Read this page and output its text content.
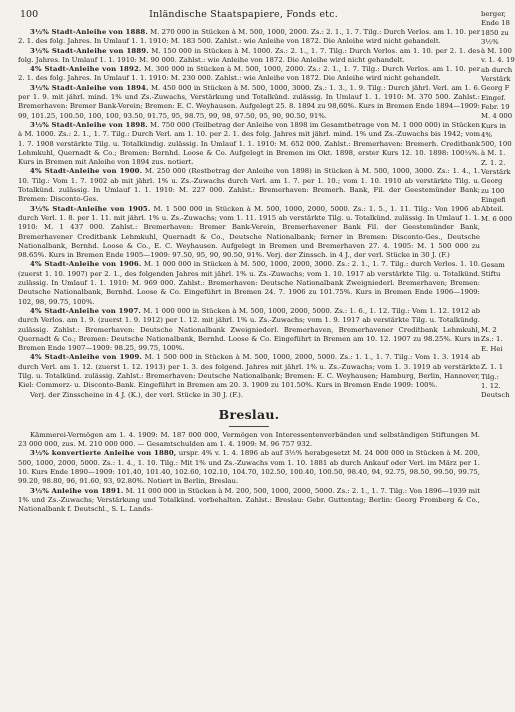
100	Inländische Staatspapiere, Fonds etc.

3½% Stadt-Anleihe von 1888. M. 270 000 in Stücken à M. 500, 1000, 2000. Zs.: 2. 1., 1. 7. Tilg.: Durch Verlos. am 1. 10. per 2. 1. des folg. Jahres. In Umlauf 1. 1. 1910: M. 183 500. Zahlst.: wie Anleihe von 1872. Die Anleihe wird nicht gehandelt.

3½% Stadt-Anleihe von 1889. M. 150 000 in Stücken à M. 1000. Zs.: 2. 1., 1. 7. Tilg.: Durch Verlos. am 1. 10. per 2. 1. des folg. Jahres. In Umlauf 1. 1. 1910: M. 90 000. Zahlst.: wie Anleihe von 1872. Die Anleihe wird nicht gehandelt.

4% Stadt-Anleihe von 1892. M. 300 000 in Stücken à M. 500, 1000, 2000. Zs.: 2. 1., 1. 7. Tilg.: Durch Verlos. am 1. 10. per 2. 1. des folg. Jahres. In Umlauf 1. 1. 1910: M. 230 000. Zahlst.: wie Anleihe von 1872. Die Anleihe wird nicht gehandelt.

3½% Stadt-Anleihe von 1894. M. 450 000 in Stücken à M. 500, 1000, 3000. Zs.: 1. 3., 1. 9. Tilg.: Durch jährl. Verl. am 1. 6. per 1. 9. mit jährl. mind. 1% und Zs.-Zuwachs, Verstärkung und Totalkünd. zulässig. In Umlauf 1. 1. 1910: M. 370 500. Zahlst.: Bremerhaven: Bremer Bank-Verein; Bremen: E. C. Weyhausen. Aufgelegt 25. 8. 1894 zu 98,60%. Kurs in Bremen Ende 1894—1909: 99, 101.25, 100.50, 100, 100, 93.50, 91.75, 95, 98.75, 99, 98, 97.50, 95, 90, 90.50, 91%.

3½% Stadt-Anleihe von 1898. M. 750 000 (Teilbetrag der Anleihe von 1898 im Gesamtbetrage von M. 1 000 000) in Stücken à M. 1000. Zs.: 2. 1., 1. 7. Tilg.: Durch Verl. am 1. 10. per 2. 1. des folg. Jahres mit jährl. mind. 1% und Zs.-Zuwachs bis 1942; vom 1. 7. 1908 verstärkte Tilg. u. Totalkündig. zulässig. In Umlauf 1. 1. 1910: M. 652 000. Zahlst.: Bremerhaven: Bremerh. Creditbank Lehmkuhl, Quernadt & Co.; Bremen: Bernhd. Loose & Co. Aufgelegt in Bremen im Okt. 1898, erster Kurs 12. 10. 1898: 100¼%. Kurs in Bremen mit Anleihe von 1894 zus. notiert.

4% Stadt-Anleihe von 1900. M. 250 000 (Restbetrag der Anleihe von 1898) in Stücken à M. 500, 1000, 3000. Zs.: 1. 4., 1. 10. Tilg.: Vom 1. 7. 1902 ab mit jährl. 1% u. Zs.-Zuwachs durch Verl. am 1. 7. per 1. 10.; vom 1. 10. 1910 ab verstärkte Tilg. u. Totalkünd. zulässig. In Umlauf 1. 1. 1910: M. 227 000. Zahlst.: Bremerhaven: Bremerh. Bank, Fil. der Geestemünder Bank; Bremen: Disconto-Ges.

3½% Stadt-Anleihe von 1905. M. 1 500 000 in Stücken à M. 500, 1000, 2000, 5000. Zs.: 1. 5., 1. 11. Tilg.: Von 1906 ab durch Verl. 1. 8. per 1. 11. mit jährl. 1% u. Zs.-Zuwachs; vom 1. 11. 1915 ab verstärkte Tilg. u. Totalkünd. zulässig. In Umlauf 1. 1. 1910: M. 1 437 000. Zahlst.: Bremerhaven: Bremer Bank-Verein, Bremerhavener Bank Fil. der Geestemünder Bank, Bremerhavener Creditbank Lehmkuhl, Quernadt & Co., Deutsche Nationalbank; ferner in Bremen: Disconto-Ges., Deutsche Nationalbank, Bernhd. Loose & Co., E. C. Weyhausen. Aufgelegt in Bremen und Bremerhaven 27. 4. 1905: M. 1 500 000 zu 98.65%. Kurs in Bremen Ende 1905—1909: 97.50, 95, 90, 90.50, 91%. Verj. der Zinssch. in 4 J., der verl. Stücke in 30 J. (F.)

4% Stadt-Anleihe von 1906. M. 1 000 000 in Stücken à M. 500, 1000, 2000, 3000. Zs.: 2. 1., 1. 7. Tilg.: durch Verlos. 1. 10. (zuerst 1. 10. 1907) per 2. 1., des folgenden Jahres mit jährl. 1% u. Zs.-Zuwachs; vom 1. 10. 1917 ab verstärkte Tilg. u. Totalkünd. zulässig. In Umlauf 1. 1. 1910: M. 969 000. Zahlst.: Bremerhaven: Deutsche Nationalbank Zweigniederl. Bremerhaven; Bremen: Deutsche Nationalbank, Bernhd. Loose & Co. Eingeführt in Bremen 24. 7. 1906 zu 101.75%. Kurs in Bremen Ende 1906—1909: 102, 98, 99.75, 100%.

4% Stadt-Anleihe von 1907. M. 1 000 000 in Stücken à M. 500, 1000, 2000, 5000. Zs.: 1. 6., 1. 12. Tilg.: Vom 1. 12. 1912 ab durch Verlos. am 1. 9. (zuerst 1. 9. 1912) per 1. 12. mit jährl. 1% u. Zs.-Zuwachs; vom 1. 9. 1917 ab verstärkte Tilg. u. Totalkündg. zulässig. Zahlst.: Bremerhaven: Deutsche Nationalbank Zweigniederl. Bremerhaven, Bremerhavener Creditbank Lehmkuhl, Quernadt & Co.; Bremen: Deutsche Nationalbank, Bernhd. Loose & Co. Eingeführt in Bremen am 10. 12. 1907 zu 98.25%. Kurs in Bremen Ende 1907—1909: 98.25, 99.75, 100%.

4% Stadt-Anleihe von 1909. M. 1 500 000 in Stücken à M. 500, 1000, 2000, 5000. Zs.: 1. 1., 1. 7. Tilg.: Vom 1. 3. 1914 ab durch Verl. am 1. 12. (zuerst 1. 12. 1913) per 1. 3. des folgend. Jahres mit jährl. 1% u. Zs.-Zuwachs; vom 1. 3. 1919 ab verstärkte Tilg. u. Totalkünd. zulässig. Zahlst.: Bremerhaven: Deutsche Nationalbank; Bremen: E. C. Weyhausen; Hamburg, Berlin, Hannover, Kiel: Commerz- u. Disconto-Bank. Eingeführt in Bremen am 20. 3. 1909 zu 101.50%. Kurs in Bremen Ende 1909: 100%.

Verj. der Zinsscheine in 4 J. (K.), der verl. Stücke in 30 J. (F.).

Breslau.

Kämmerei-Vermögen am 1. 4. 1909: M. 187 000 000, Vermögen von Interessentenverbänden und selbständigen Stiftungen M. 23 000 000, zus. M. 210 000 000. — Gesamtschulden am 1. 4. 1909: M. 96 757 932.

3½% konvertierte Anleihe von 1880, urspr. 4% v. 1. 4. 1896 ab auf 3½% herabgesetzt M. 24 000 000 in Stücken à M. 200, 500, 1000, 2000, 5000. Zs.: 1. 4., 1. 10. Tilg.: Mit 1% und Zs.-Zuwachs vom 1. 10. 1881 ab durch Ankauf oder Verl. im März per 1. 10. Kurs Ende 1890—1909: 101.40, 101.40, 102.60, 102.10, 104.70, 102.50, 100.40, 100.50, 98.40, 94, 92.75, 98.50, 99.50, 99.75, 99.20, 98.80, 96, 91.60, 93, 92.80%. Notiert in Berlin, Breslau.

3½% Anleihe von 1891. M. 11 000 000 in Stücken à M. 200, 500, 1000, 2000, 5000. Zs.: 2. 1., 1. 7. Tilg.: Von 1896—1939 mit 1% und Zs.-Zuwachs; Verstärkung und Totalkünd. vorbehalten. Zahlst.: Breslau: Gebr. Guttentag; Berlin: Georg Fromberg & Co., Nationalbank f. Deutschl., S. L. Lands-

berger,
Ende 18
1850 zu
3½%
à M. 100
v. 1. 4. 19
ab durch
Verstärk
Georg F
Eingef.
Febr. 19
M. 4 000
Kurs in
4%
500, 100
à M. 1.
Z. 1. 2.
Verstärk
Georg
zu 100
Eingefi
Abteil.
M. 6 000
Gesam
Stiftu
M. 2
Zs.: 1.
E. Hei
Z. 1. 1
Tilg.:
1. 12.
Deutsch
